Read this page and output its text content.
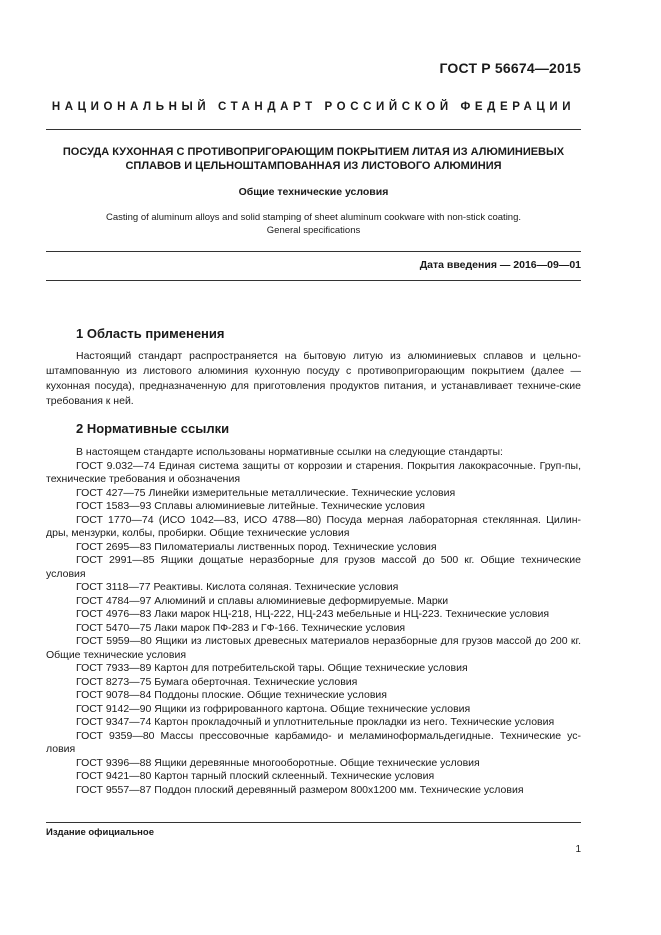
ГОСТ Р 56674—2015
НАЦИОНАЛЬНЫЙ СТАНДАРТ РОССИЙСКОЙ ФЕДЕРАЦИИ
ПОСУДА КУХОННАЯ С ПРОТИВОПРИГОРАЮЩИМ ПОКРЫТИЕМ ЛИТАЯ ИЗ АЛЮМИНИЕВЫХ
СПЛАВОВ И ЦЕЛЬНОШТАМПОВАННАЯ ИЗ ЛИСТОВОГО АЛЮМИНИЯ
Общие технические условия
Casting of aluminum alloys and solid stamping of sheet aluminum cookware with non-stick coating.
General specifications
Дата введения — 2016—09—01
1 Область применения

Настоящий стандарт распространяется на бытовую литую из алюминиевых сплавов и цельно-штампованную из листового алюминия кухонную посуду с противопригорающим покрытием (далее — кухонная посуда), предназначенную для приготовления продуктов питания, и устанавливает техниче-ские требования к ней.

2 Нормативные ссылки

В настоящем стандарте использованы нормативные ссылки на следующие стандарты:

ГОСТ 9.032—74 Единая система защиты от коррозии и старения. Покрытия лакокрасочные. Груп-пы, технические требования и обозначения

ГОСТ 427—75 Линейки измерительные металлические. Технические условия

ГОСТ 1583—93 Сплавы алюминиевые литейные. Технические условия

ГОСТ 1770—74 (ИСО 1042—83, ИСО 4788—80) Посуда мерная лабораторная стеклянная. Цилин-дры, мензурки, колбы, пробирки. Общие технические условия

ГОСТ 2695—83 Пиломатериалы лиственных пород. Технические условия

ГОСТ 2991—85 Ящики дощатые неразборные для грузов массой до 500 кг. Общие технические условия

ГОСТ 3118—77 Реактивы. Кислота соляная. Технические условия

ГОСТ 4784—97 Алюминий и сплавы алюминиевые деформируемые. Марки

ГОСТ 4976—83 Лаки марок НЦ-218, НЦ-222, НЦ-243 мебельные и НЦ-223. Технические условия

ГОСТ 5470—75 Лаки марок ПФ-283 и ГФ-166. Технические условия

ГОСТ 5959—80 Ящики из листовых древесных материалов неразборные для грузов массой до 200 кг. Общие технические условия

ГОСТ 7933—89 Картон для потребительской тары. Общие технические условия

ГОСТ 8273—75 Бумага оберточная. Технические условия

ГОСТ 9078—84 Поддоны плоские. Общие технические условия

ГОСТ 9142—90 Ящики из гофрированного картона. Общие технические условия

ГОСТ 9347—74 Картон прокладочный и уплотнительные прокладки из него. Технические условия

ГОСТ 9359—80 Массы прессовочные карбамидо- и меламиноформальдегидные. Технические ус-ловия

ГОСТ 9396—88 Ящики деревянные многооборотные. Общие технические условия

ГОСТ 9421—80 Картон тарный плоский склеенный. Технические условия

ГОСТ 9557—87 Поддон плоский деревянный размером 800x1200 мм. Технические условия

Издание официальное
1
